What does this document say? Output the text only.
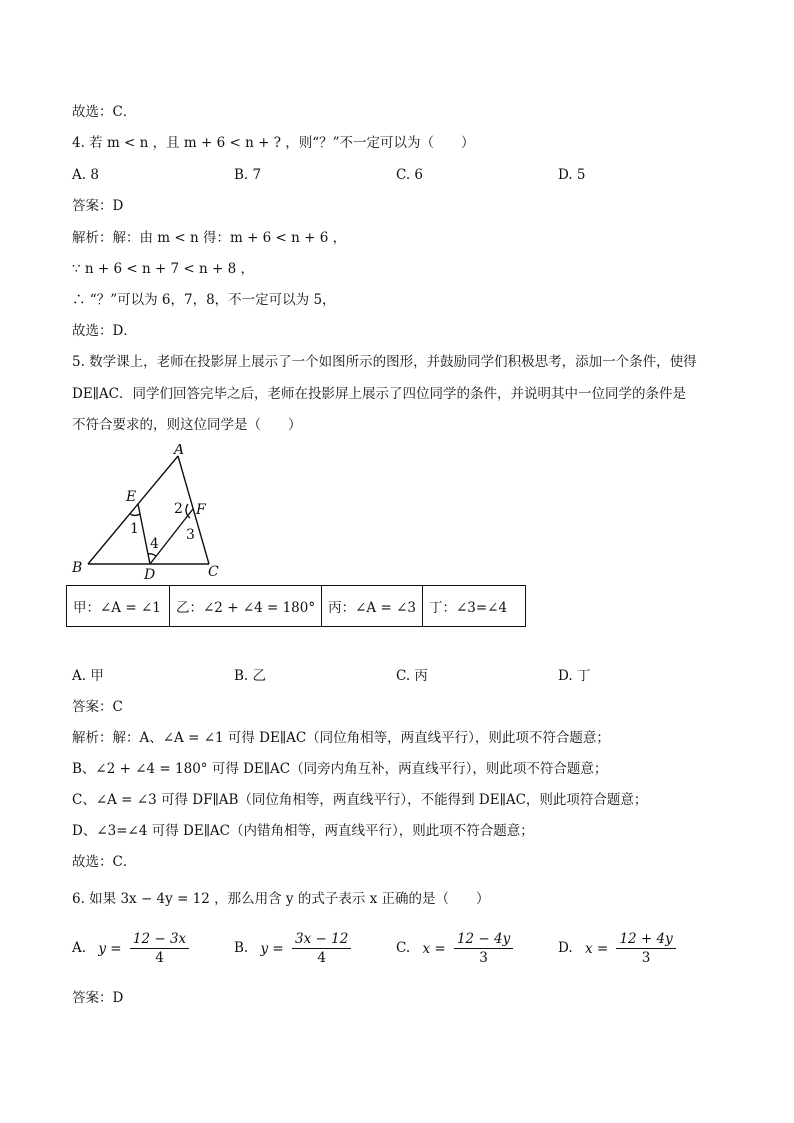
故选：C．
4. 若 m < n ，且 m + 6 < n + ? ，则“？”不一定可以为（　　）
A. 8	B. 7	C. 6	D. 5
答案：D
解析：解：由 m < n 得：m + 6 < n + 6 ，
∵ n + 6 < n + 7 < n + 8 ，
∴ “？”可以为 6，7，8，不一定可以为 5，
故选：D．
5. 数学课上，老师在投影屏上展示了一个如图所示的图形，并鼓励同学们积极思考，添加一个条件，使得
DE∥AC．同学们回答完毕之后，老师在投影屏上展示了四位同学的条件，并说明其中一位同学的条件是
不符合要求的，则这位同学是（　　）
A
B	C
D
E
F
1
2
3
4
甲：∠A = ∠1	乙：∠2 + ∠4 = 180°	丙：∠A = ∠3	丁：∠3=∠4
A. 甲	B. 乙	C. 丙	D. 丁
答案：C
解析：解：A、∠A = ∠1 可得 DE∥AC（同位角相等，两直线平行），则此项不符合题意；
B、∠2 + ∠4 = 180° 可得 DE∥AC（同旁内角互补，两直线平行），则此项不符合题意；
C、∠A = ∠3 可得 DF∥AB（同位角相等，两直线平行），不能得到 DE∥AC，则此项符合题意；
D、∠3=∠4 可得 DE∥AC（内错角相等，两直线平行），则此项不符合题意；
故选：C．
6. 如果 3x − 4y = 12 ，那么用含 y 的式子表示 x 正确的是（　　）
A. $y = \frac{12 - 3x}{4}$	B. $y = \frac{3x - 12}{4}$	C. $x = \frac{12 - 4y}{3}$	D. $x = \frac{12 + 4y}{3}$
答案：D
